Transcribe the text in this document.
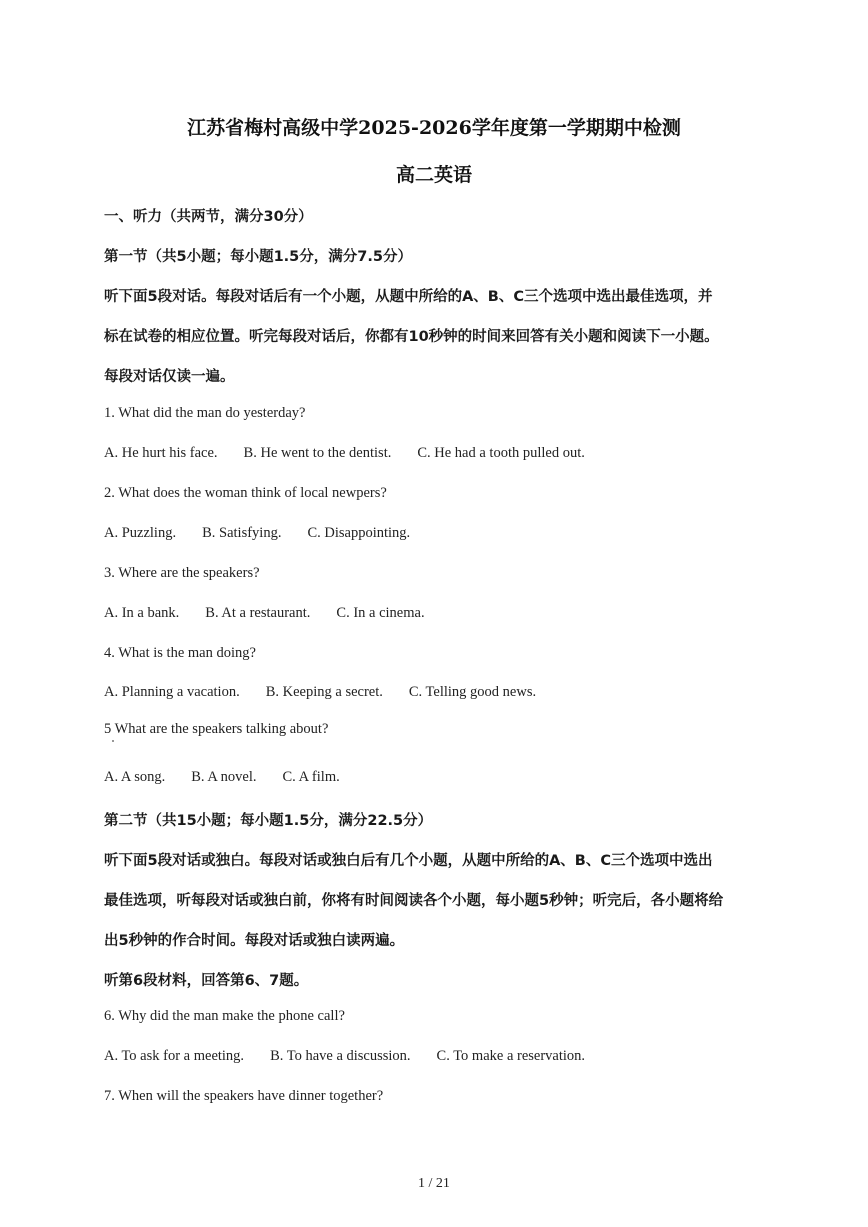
江苏省梅村高级中学2025-2026学年度第一学期期中检测
高二英语
一、听力（共两节，满分30分）
第一节（共5小题；每小题1.5分，满分7.5分）
听下面5段对话。每段对话后有一个小题，从题中所给的A、B、C三个选项中选出最佳选项，并
标在试卷的相应位置。听完每段对话后，你都有10秒钟的时间来回答有关小题和阅读下一小题。
每段对话仅读一遍。
1. What did the man do yesterday?
A. He hurt his face. B. He went to the dentist. C. He had a tooth pulled out.
2. What does the woman think of local newpers?
A. Puzzling. B. Satisfying. C. Disappointing.
3. Where are the speakers?
A. In a bank. B. At a restaurant. C. In a cinema.
4. What is the man doing?
A. Planning a vacation. B. Keeping a secret. C. Telling good news.
5 What are the speakers talking about?
A. A song. B. A novel. C. A film.
第二节（共15小题；每小题1.5分，满分22.5分）
听下面5段对话或独白。每段对话或独白后有几个小题，从题中所给的A、B、C三个选项中选出
最佳选项，听每段对话或独白前，你将有时间阅读各个小题，每小题5秒钟；听完后，各小题将给
出5秒钟的作合时间。每段对话或独白读两遍。
听第6段材料，回答第6、7题。
6. Why did the man make the phone call?
A. To ask for a meeting. B. To have a discussion. C. To make a reservation.
7. When will the speakers have dinner together?
1 / 21
